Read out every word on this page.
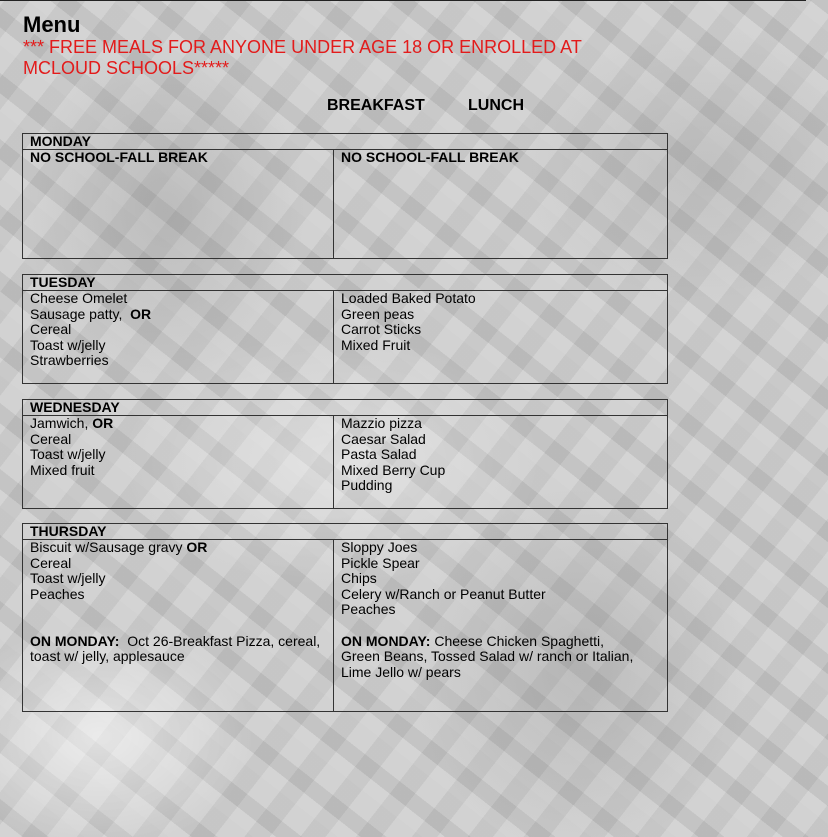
Menu
*** FREE MEALS FOR ANYONE UNDER AGE 18 OR ENROLLED AT MCLOUD SCHOOLS*****
BREAKFAST	LUNCH
MONDAY
NO SCHOOL-FALL BREAK	NO SCHOOL-FALL BREAK
TUESDAY
Cheese Omelet
Sausage patty, OR
Cereal
Toast w/jelly
Strawberries
Loaded Baked Potato
Green peas
Carrot Sticks
Mixed Fruit
WEDNESDAY
Jamwich, OR
Cereal
Toast w/jelly
Mixed fruit
Mazzio pizza
Caesar Salad
Pasta Salad
Mixed Berry Cup
Pudding
THURSDAY
Biscuit w/Sausage gravy OR
Cereal
Toast w/jelly
Peaches
ON MONDAY: Oct 26-Breakfast Pizza, cereal, toast w/ jelly, applesauce
Sloppy Joes
Pickle Spear
Chips
Celery w/Ranch or Peanut Butter
Peaches
ON MONDAY: Cheese Chicken Spaghetti, Green Beans, Tossed Salad w/ ranch or Italian, Lime Jello w/ pears
